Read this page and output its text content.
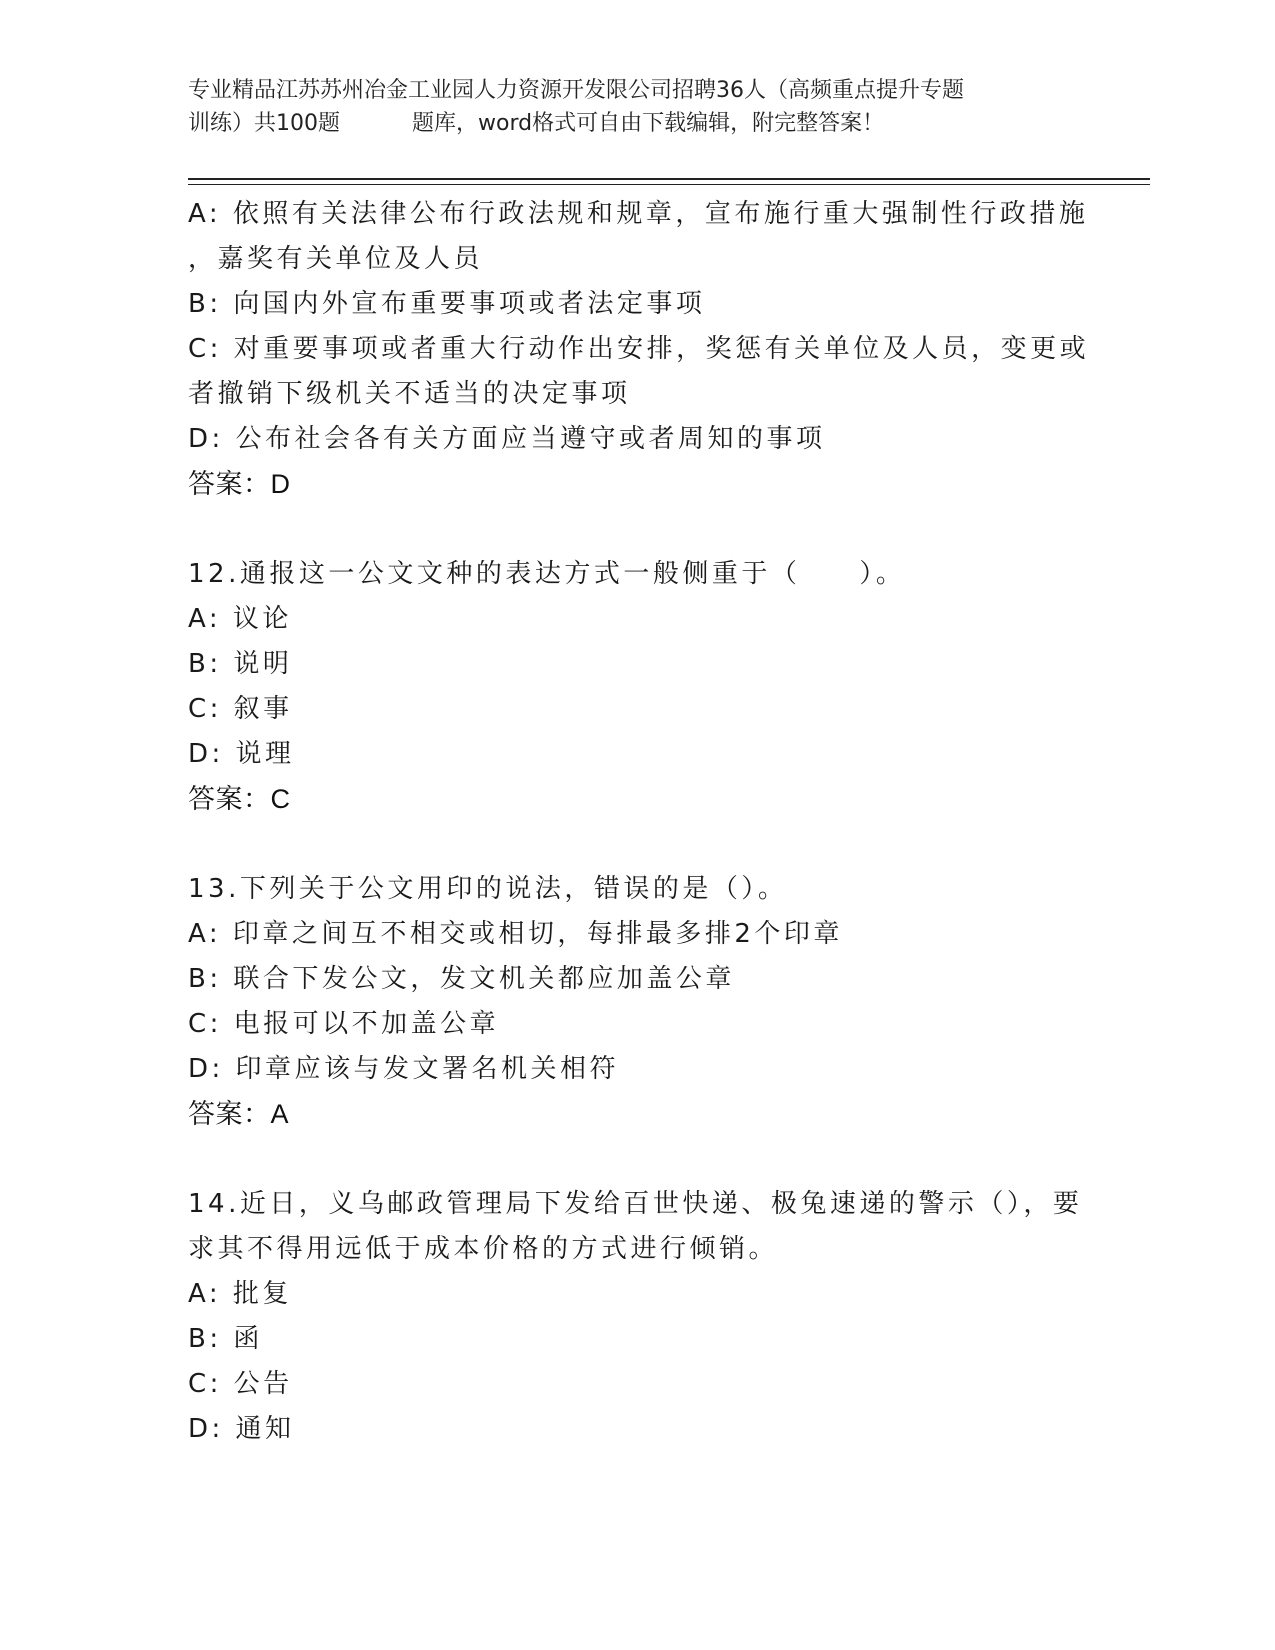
专业精品江苏苏州冶金工业园人力资源开发限公司招聘36人（高频重点提升专题
训练）共100题	题库，word格式可自由下载编辑，附完整答案！

A: 依照有关法律公布行政法规和规章，宣布施行重大强制性行政措施

，嘉奖有关单位及人员

B: 向国内外宣布重要事项或者法定事项

C: 对重要事项或者重大行动作出安排，奖惩有关单位及人员，变更或

者撤销下级机关不适当的决定事项

D: 公布社会各有关方面应当遵守或者周知的事项

答案：D

12.通报这一公文文种的表达方式一般侧重于（　　）。

A: 议论

B: 说明

C: 叙事

D: 说理

答案：C

13.下列关于公文用印的说法，错误的是（）。

A: 印章之间互不相交或相切，每排最多排2个印章

B: 联合下发公文，发文机关都应加盖公章

C: 电报可以不加盖公章

D: 印章应该与发文署名机关相符

答案：A

14.近日，义乌邮政管理局下发给百世快递、极兔速递的警示（），要

求其不得用远低于成本价格的方式进行倾销。

A: 批复

B: 函

C: 公告

D: 通知
